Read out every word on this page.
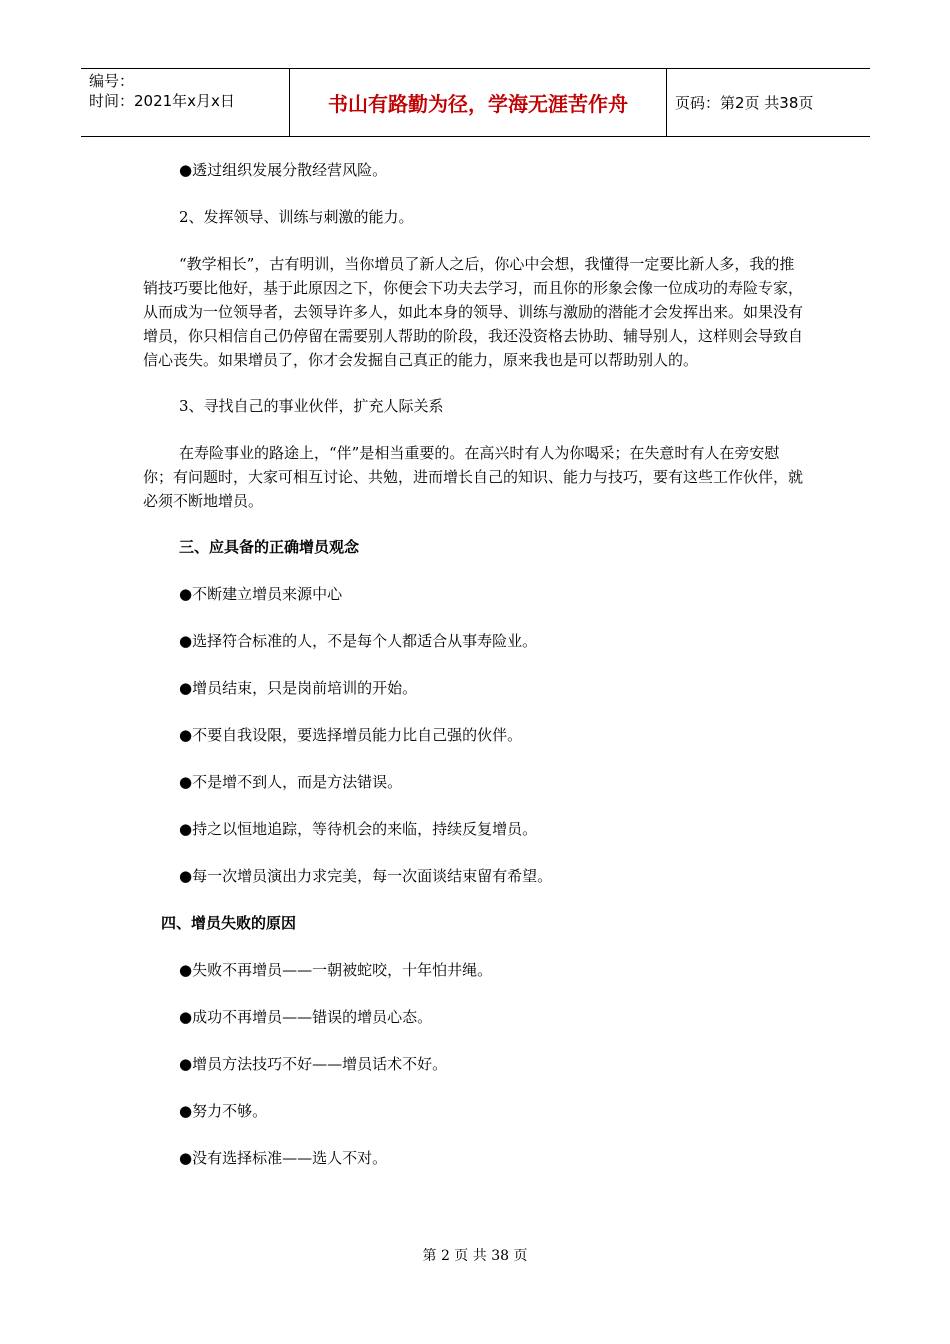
编号：
时间：2021年x月x日	书山有路勤为径，学海无涯苦作舟	页码：第2页 共38页

●透过组织发展分散经营风险。

2、发挥领导、训练与刺激的能力。

“教学相长”，古有明训，当你增员了新人之后，你心中会想，我懂得一定要比新人多，我的推销技巧要比他好，基于此原因之下，你便会下功夫去学习，而且你的形象会像一位成功的寿险专家，从而成为一位领导者，去领导许多人，如此本身的领导、训练与激励的潜能才会发挥出来。如果没有增员，你只相信自己仍停留在需要别人帮助的阶段，我还没资格去协助、辅导别人，这样则会导致自信心丧失。如果增员了，你才会发掘自己真正的能力，原来我也是可以帮助别人的。

3、寻找自己的事业伙伴，扩充人际关系

在寿险事业的路途上，“伴”是相当重要的。在高兴时有人为你喝采；在失意时有人在旁安慰你；有问题时，大家可相互讨论、共勉，进而增长自己的知识、能力与技巧，要有这些工作伙伴，就必须不断地增员。

三、应具备的正确增员观念

●不断建立增员来源中心

●选择符合标准的人，不是每个人都适合从事寿险业。

●增员结束，只是岗前培训的开始。

●不要自我设限，要选择增员能力比自己强的伙伴。

●不是增不到人，而是方法错误。

●持之以恒地追踪，等待机会的来临，持续反复增员。

●每一次增员演出力求完美，每一次面谈结束留有希望。

四、增员失败的原因

●失败不再增员——一朝被蛇咬，十年怕井绳。

●成功不再增员——错误的增员心态。

●增员方法技巧不好——增员话术不好。

●努力不够。

●没有选择标准——选人不对。

第 2 页 共 38 页
